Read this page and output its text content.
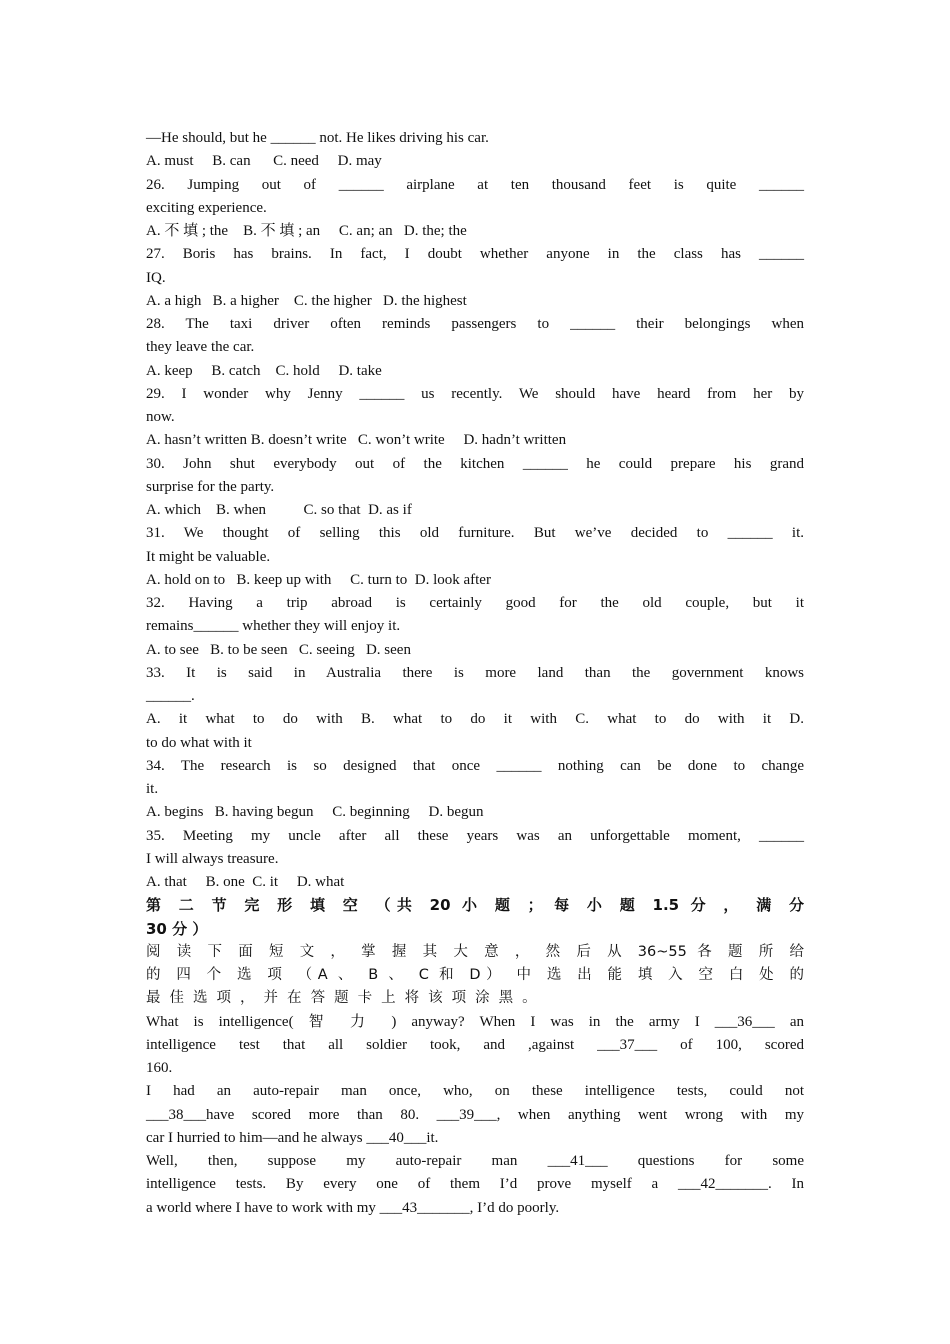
—He should, but he ______ not. He likes driving his car.
A. must     B. can      C. need     D. may
26. Jumping out of ______ airplane at ten thousand feet is quite ______
exciting experience.
A. 不 填 ; the    B. 不 填 ; an     C. an; an   D. the; the
27. Boris has brains. In fact, I doubt whether anyone in the class has ______
IQ.
A. a high   B. a higher    C. the higher   D. the highest
28. The taxi driver often reminds passengers to ______ their belongings when
they leave the car.
A. keep     B. catch    C. hold     D. take
29. I wonder why Jenny ______ us recently. We should have heard from her by
now.
A. hasn’t written B. doesn’t write   C. won’t write     D. hadn’t written
30. John shut everybody out of the kitchen ______ he could prepare his grand
surprise for the party.
A. which    B. when          C. so that  D. as if
31. We thought of selling this old furniture. But we’ve decided to ______ it.
It might be valuable.
A. hold on to   B. keep up with     C. turn to  D. look after
32. Having a trip abroad is certainly good for the old couple, but it
remains______ whether they will enjoy it.
A. to see   B. to be seen   C. seeing   D. seen
33. It is said in Australia there is more land than the government knows
______.
A. it what to do with B. what to do it with C. what to do with it D.
to do what with it
34. The research is so designed that once ______ nothing can be done to change
it.
A. begins   B. having begun     C. beginning     D. begun
35. Meeting my uncle after all these years was an unforgettable moment, ______
I will always treasure.
A. that     B. one  C. it     D. what
第 二 节 完 形 填 空 （共 20 小 题 ； 每 小 题 1.5 分 ， 满 分
30 分 ）
阅 读 下 面 短 文 ， 掌 握 其 大 意 ， 然 后 从 36~55 各 题 所 给
的 四 个 选 项 （A 、 B 、 C 和 D） 中 选 出 能 填 入 空 白 处 的
最 佳 选 项 ， 并 在 答 题 卡 上 将 该 项 涂 黑 。
What is intelligence( 智 力 ) anyway? When I was in the army I ___36___ an
intelligence test that all soldier took, and ,against ___37___ of 100, scored
160.
I had an auto-repair man once, who, on these intelligence tests, could not
___38___have scored more than 80. ___39___, when anything went wrong with my
car I hurried to him—and he always ___40___it.
Well, then, suppose my auto-repair man ___41___ questions for some
intelligence tests. By every one of them I’d prove myself a ___42_______. In
a world where I have to work with my ___43_______, I’d do poorly.
